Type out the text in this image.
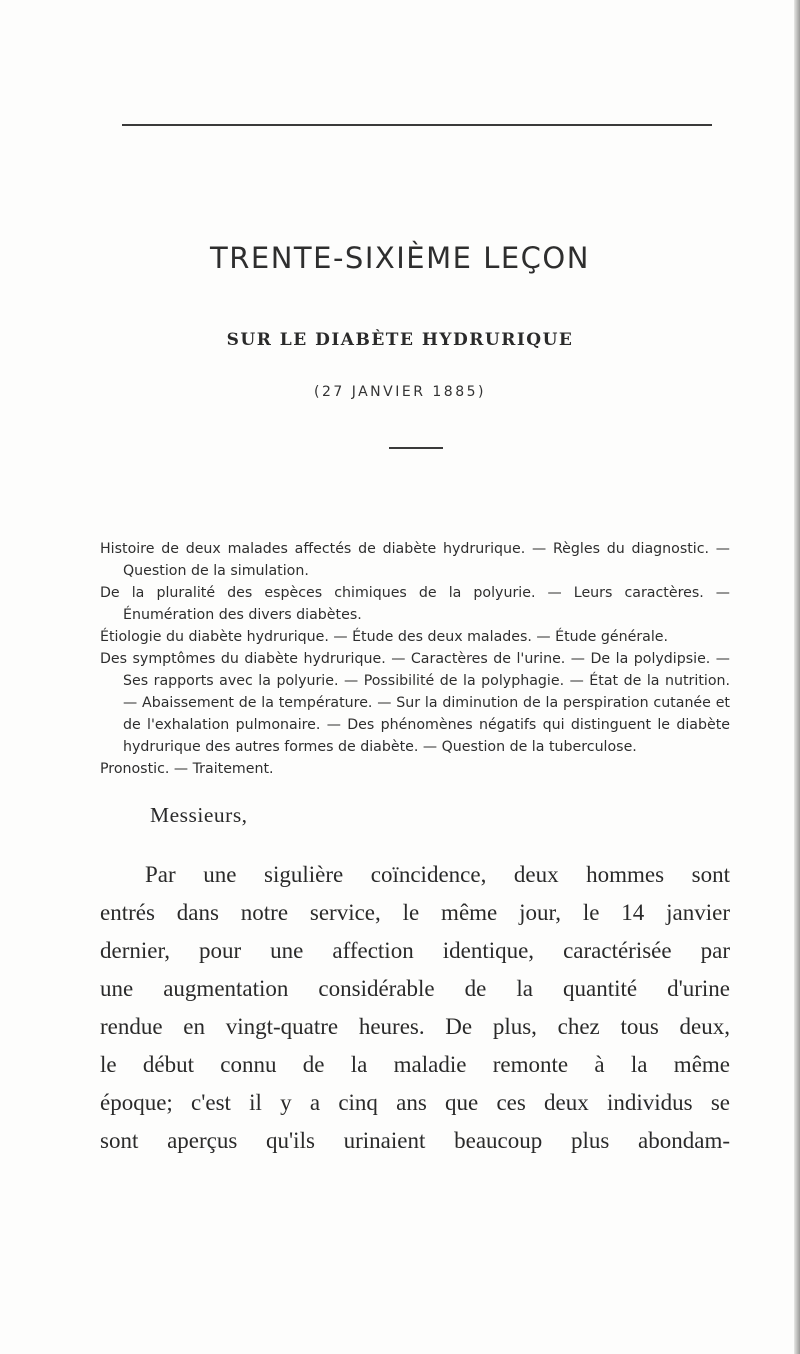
TRENTE-SIXIÈME LEÇON
SUR LE DIABÈTE HYDRURIQUE
(27 JANVIER 1885)

Histoire de deux malades affectés de diabète hydrurique. — Règles du diagnostic. — Question de la simulation.

De la pluralité des espèces chimiques de la polyurie. — Leurs caractères. — Énumération des divers diabètes.

Étiologie du diabète hydrurique. — Étude des deux malades. — Étude générale.

Des symptômes du diabète hydrurique. — Caractères de l'urine. — De la polydipsie. — Ses rapports avec la polyurie. — Possibilité de la polyphagie. — État de la nutrition. — Abaissement de la température. — Sur la diminution de la perspiration cutanée et de l'exhalation pulmonaire. — Des phénomènes négatifs qui distinguent le diabète hydrurique des autres formes de diabète. — Question de la tuberculose.

Pronostic. — Traitement.

Messieurs,
Par une sigulière coïncidence, deux hommes sont
entrés dans notre service, le même jour, le 14 janvier
dernier, pour une affection identique, caractérisée par
une augmentation considérable de la quantité d'urine
rendue en vingt-quatre heures. De plus, chez tous deux,
le début connu de la maladie remonte à la même
époque; c'est il y a cinq ans que ces deux individus se
sont aperçus qu'ils urinaient beaucoup plus abondam-
